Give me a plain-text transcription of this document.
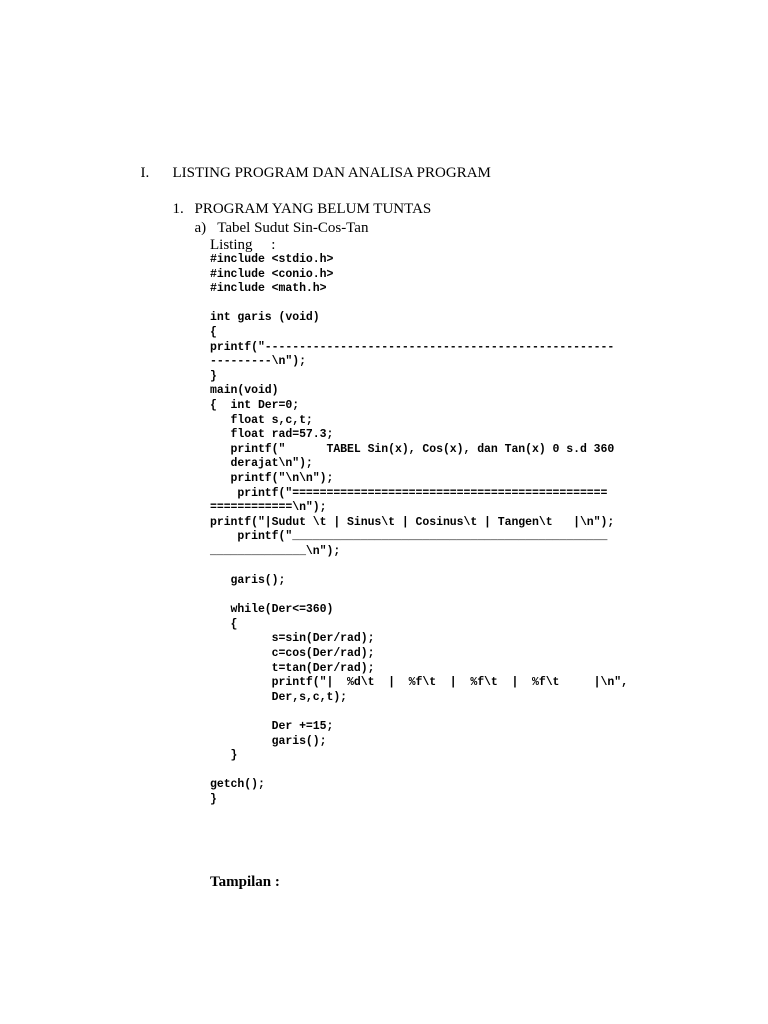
I.	LISTING PROGRAM DAN ANALISA PROGRAM

1. PROGRAM YANG BELUM TUNTAS

a) Tabel Sudut Sin-Cos-Tan

Listing     :
#include <stdio.h>
#include <conio.h>
#include <math.h>
int garis (void)
{
printf("---------------------------------------------------
---------\n");
}
main(void)
{  int Der=0;
float s,c,t;
float rad=57.3;
printf("      TABEL Sin(x), Cos(x), dan Tan(x) 0 s.d 360
derajat\n");
printf("\n\n");
printf("==============================================
============\n");
printf("|Sudut \t | Sinus\t | Cosinus\t | Tangen\t   |\n");
printf("______________________________________________
______________\n");
garis();
while(Der<=360)
{
s=sin(Der/rad);
c=cos(Der/rad);
t=tan(Der/rad);
printf("|  %d\t  |  %f\t  |  %f\t  |  %f\t     |\n",
Der,s,c,t);
Der +=15;
garis();
}
getch();
}
Tampilan :
